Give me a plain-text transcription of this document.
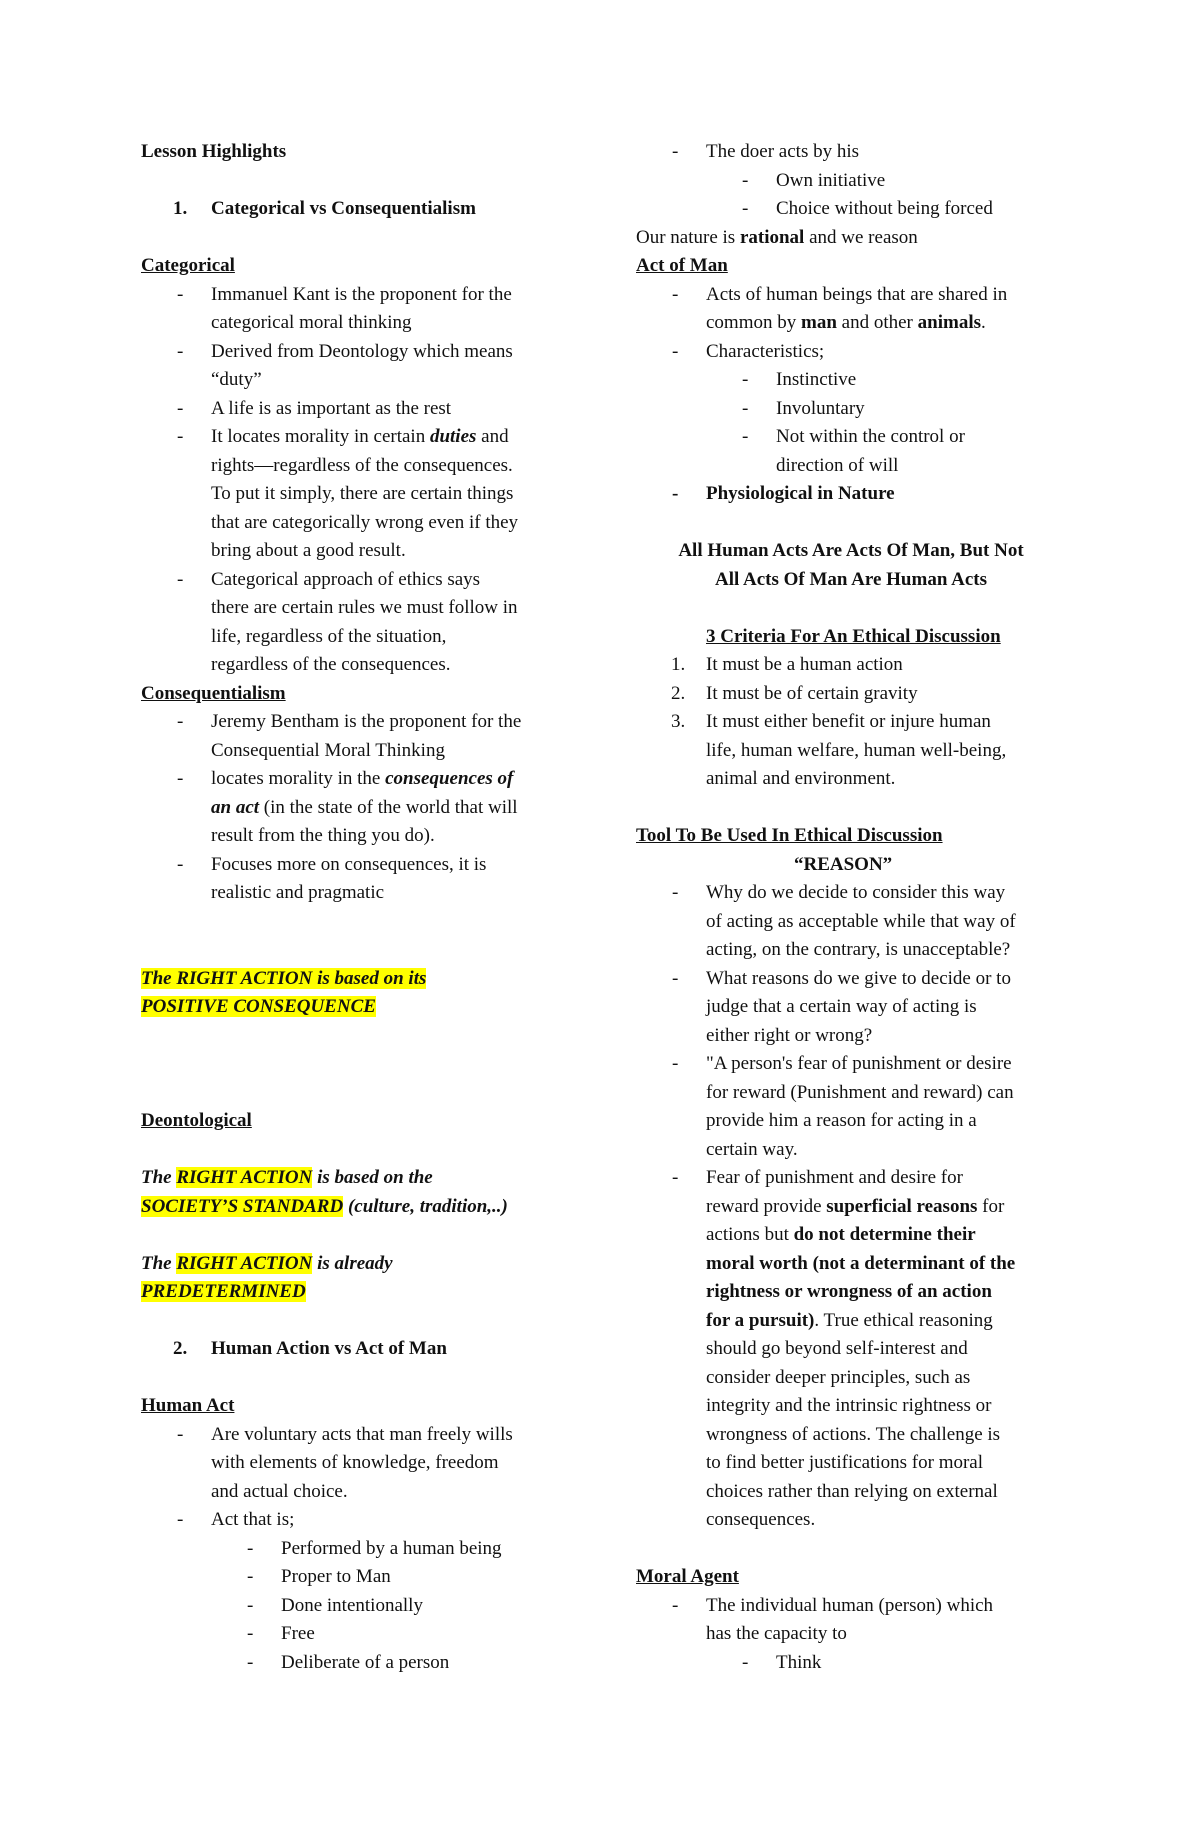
Lesson Highlights
1. Categorical vs Consequentialism
Categorical
- Immanuel Kant is the proponent for the
categorical moral thinking
- Derived from Deontology which means
“duty”
- A life is as important as the rest
- It locates morality in certain duties and
rights—regardless of the consequences.
To put it simply, there are certain things
that are categorically wrong even if they
bring about a good result.
- Categorical approach of ethics says
there are certain rules we must follow in
life, regardless of the situation,
regardless of the consequences.
Consequentialism
- Jeremy Bentham is the proponent for the
Consequential Moral Thinking
- locates morality in the consequences of
an act (in the state of the world that will
result from the thing you do).
- Focuses more on consequences, it is
realistic and pragmatic
The RIGHT ACTION is based on its
POSITIVE CONSEQUENCE
Deontological
The RIGHT ACTION is based on the
SOCIETY’S STANDARD (culture, tradition,..)
The RIGHT ACTION is already
PREDETERMINED
2. Human Action vs Act of Man
Human Act
- Are voluntary acts that man freely wills
with elements of knowledge, freedom
and actual choice.
- Act that is;
- Performed by a human being
- Proper to Man
- Done intentionally
- Free
- Deliberate of a person
- The doer acts by his
- Own initiative
- Choice without being forced
Our nature is rational and we reason
Act of Man
- Acts of human beings that are shared in
common by man and other animals.
- Characteristics;
- Instinctive
- Involuntary
- Not within the control or
direction of will
- Physiological in Nature
All Human Acts Are Acts Of Man, But Not
All Acts Of Man Are Human Acts
3 Criteria For An Ethical Discussion
1. It must be a human action
2. It must be of certain gravity
3. It must either benefit or injure human
life, human welfare, human well-being,
animal and environment.
Tool To Be Used In Ethical Discussion
“REASON”
- Why do we decide to consider this way
of acting as acceptable while that way of
acting, on the contrary, is unacceptable?
- What reasons do we give to decide or to
judge that a certain way of acting is
either right or wrong?
- "A person's fear of punishment or desire
for reward (Punishment and reward) can
provide him a reason for acting in a
certain way.
- Fear of punishment and desire for
reward provide superficial reasons for
actions but do not determine their
moral worth (not a determinant of the
rightness or wrongness of an action
for a pursuit). True ethical reasoning
should go beyond self-interest and
consider deeper principles, such as
integrity and the intrinsic rightness or
wrongness of actions. The challenge is
to find better justifications for moral
choices rather than relying on external
consequences.
Moral Agent
- The individual human (person) which
has the capacity to
- Think
